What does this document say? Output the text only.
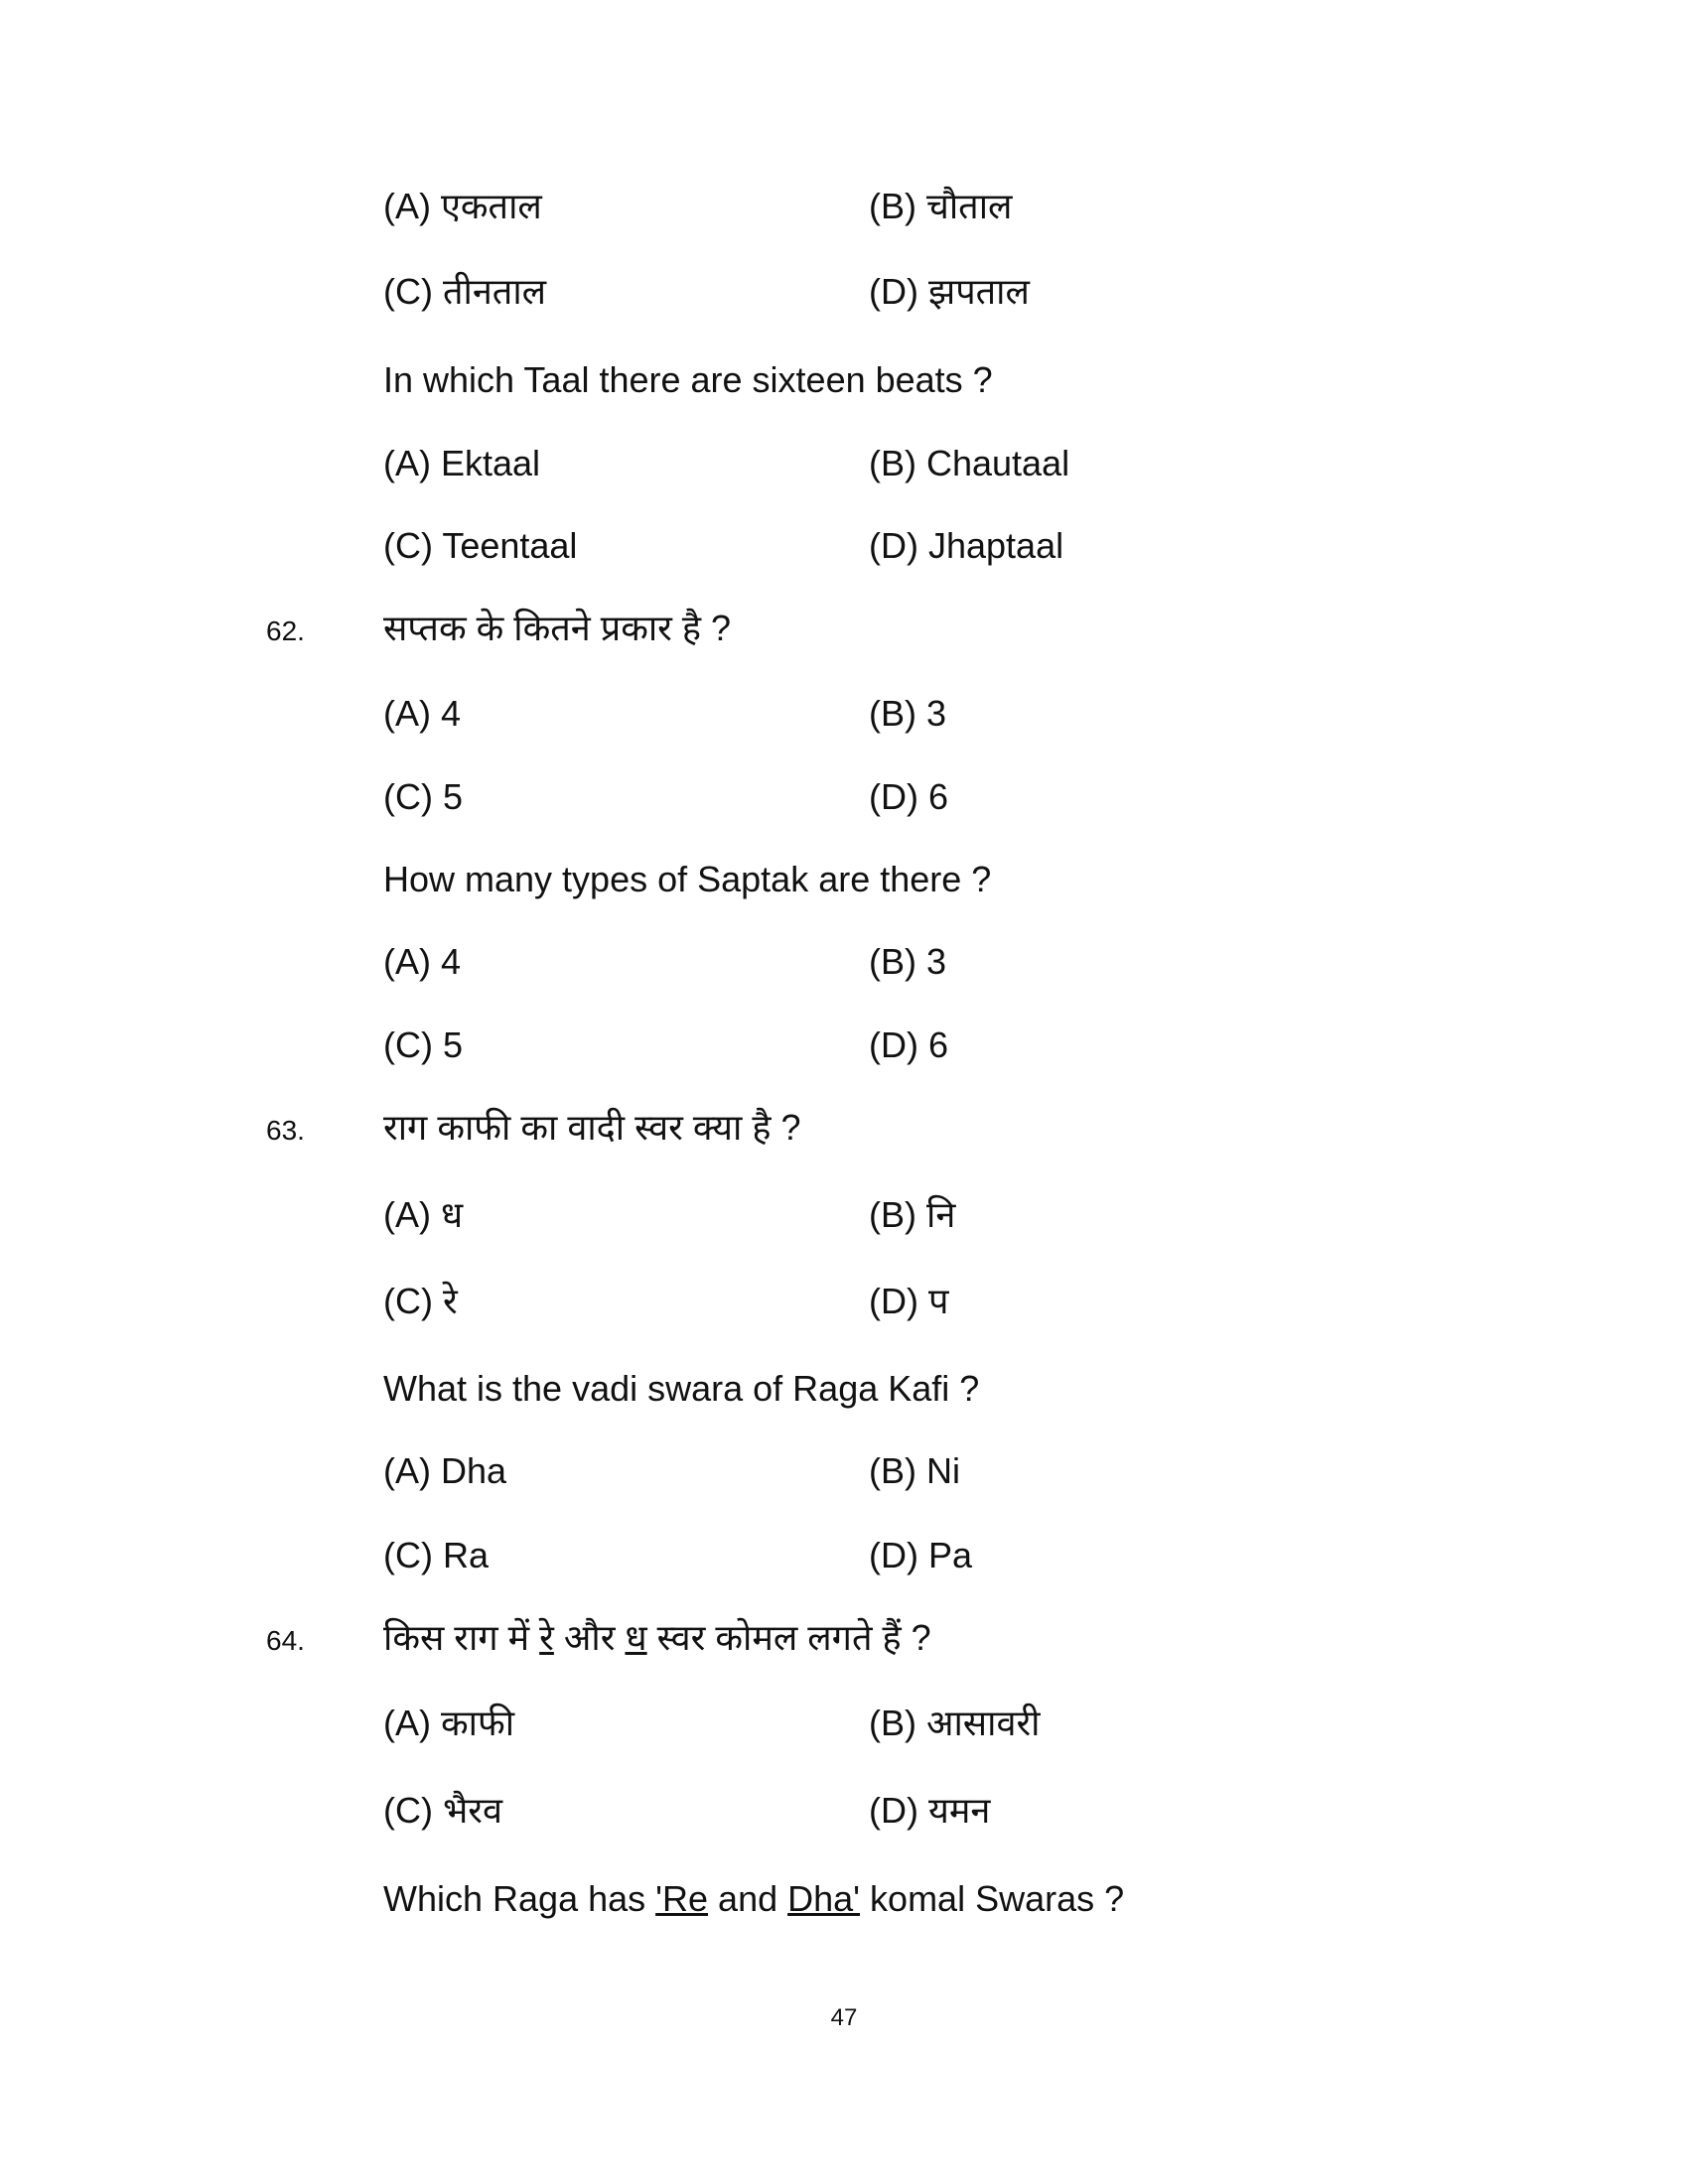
(A) एकताल	(B) चौताल
(C) तीनताल	(D) झपताल
In which Taal there are sixteen beats ?
(A) Ektaal	(B) Chautaal
(C) Teentaal	(D) Jhaptaal
62. सप्तक के कितने प्रकार है ?
(A) 4	(B) 3
(C) 5	(D) 6
How many types of Saptak are there ?
(A) 4	(B) 3
(C) 5	(D) 6
63. राग काफी का वादी स्वर क्या है ?
(A) ध	(B) नि
(C) रे	(D) प
What is the vadi swara of Raga Kafi ?
(A) Dha	(B) Ni
(C) Ra	(D) Pa
64. किस राग में रे और ध स्वर कोमल लगते हैं ?
(A) काफी	(B) आसावरी
(C) भैरव	(D) यमन
Which Raga has 'Re and Dha' komal Swaras ?
47
